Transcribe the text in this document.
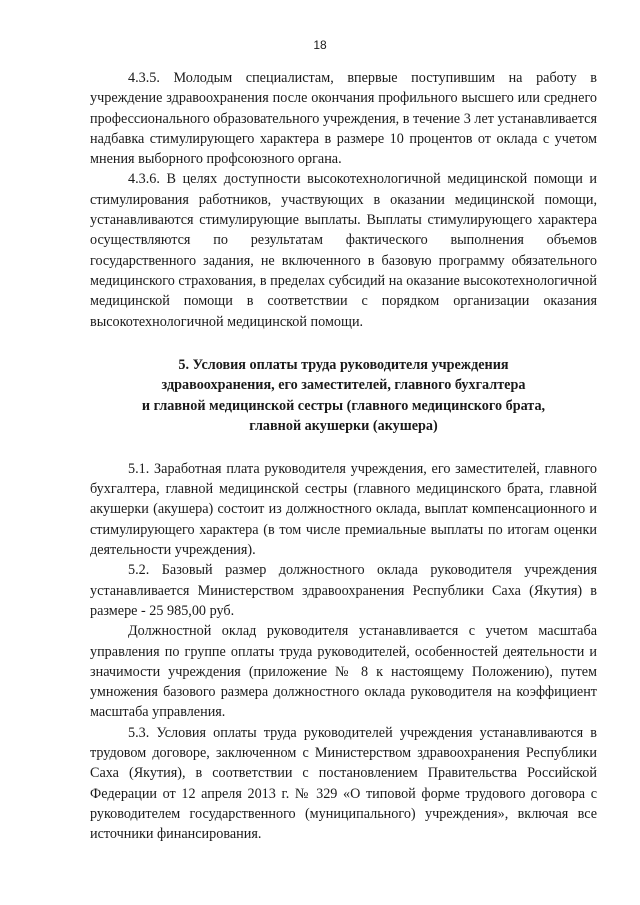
18

4.3.5. Молодым специалистам, впервые поступившим на работу в учреждение здравоохранения после окончания профильного высшего или среднего профессионального образовательного учреждения, в течение 3 лет устанавливается надбавка стимулирующего характера в размере 10 процентов от оклада с учетом мнения выборного профсоюзного органа.

4.3.6. В целях доступности высокотехнологичной медицинской помощи и стимулирования работников, участвующих в оказании медицинской помощи, устанавливаются стимулирующие выплаты. Выплаты стимулирующего характера осуществляются по результатам фактического выполнения объемов государственного задания, не включенного в базовую программу обязательного медицинского страхования, в пределах субсидий на оказание высокотехнологичной медицинской помощи в соответствии с порядком организации оказания высокотехнологичной медицинской помощи.

5. Условия оплаты труда руководителя учреждения
здравоохранения, его заместителей, главного бухгалтера
и главной медицинской сестры (главного медицинского брата,
главной акушерки (акушера)

5.1. Заработная плата руководителя учреждения, его заместителей, главного бухгалтера, главной медицинской сестры (главного медицинского брата, главной акушерки (акушера) состоит из должностного оклада, выплат компенсационного и стимулирующего характера (в том числе премиальные выплаты по итогам оценки деятельности учреждения).

5.2. Базовый размер должностного оклада руководителя учреждения устанавливается Министерством здравоохранения Республики Саха (Якутия) в размере - 25 985,00 руб.

Должностной оклад руководителя устанавливается с учетом масштаба управления по группе оплаты труда руководителей, особенностей деятельности и значимости учреждения (приложение № 8 к настоящему Положению), путем умножения базового размера должностного оклада руководителя на коэффициент масштаба управления.

5.3. Условия оплаты труда руководителей учреждения устанавливаются в трудовом договоре, заключенном с Министерством здравоохранения Республики Саха (Якутия), в соответствии с постановлением Правительства Российской Федерации от 12 апреля 2013 г. № 329 «О типовой форме трудового договора с руководителем государственного (муниципального) учреждения», включая все источники финансирования.
